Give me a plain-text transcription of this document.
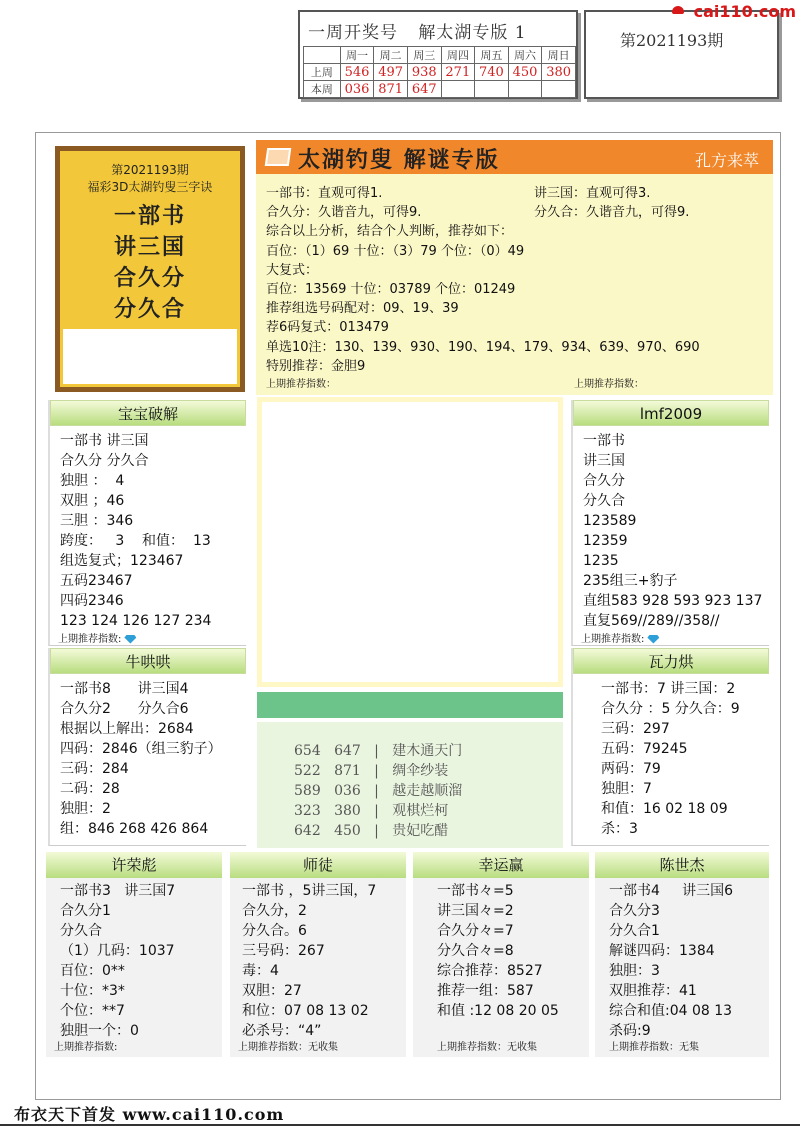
一周开奖号 解太湖专版 1
	周一	周二	周三	周四	周五	周六	周日
上周	546	497	938	271	740	450	380
本周	036	871	647				
第2021193期
cai110.com
第2021193期
福彩3D太湖钓叟三字诀
一部书
讲三国
合久分
分久合
太湖钓叟 解谜专版	孔方来萃
一部书：直观可得1.	讲三国：直观可得3.
合久分：久谐音九，可得9.	分久合：久谐音九，可得9.
综合以上分析，结合个人判断，推荐如下：
百位：（1）69 十位：（3）79 个位：（0）49
大复式：
百位：13569 十位：03789 个位：01249
推荐组选号码配对：09、19、39
荐6码复式：013479
单选10注：130、139、930、190、194、179、934、639、970、690
特别推荐：金胆9
上期推荐指数：	上期推荐指数：
宝宝破解
一部书 讲三国
合久分 分久合
独胆 ：  4
双胆 ；46
三胆 ：346
跨度：   3    和值：  13
组选复式；123467
五码23467
四码2346
123 124 126 127 234
上期推荐指数:
lmf2009
一部书
讲三国
合久分
分久合
123589
12359
1235
235组三+豹子
直组583 928 593 923 137
直复569//289//358//
上期推荐指数:
654 647   |   建木通天门
522 871   |   绸伞纱装
589 036   |   越走越顺溜
323 380   |   观棋烂柯
642 450   |   贵妃吃醋
牛哄哄
一部书8      讲三国4
合久分2      分久合6
根据以上解出：2684
四码：2846（组三豹子）
三码：284
二码：28
独胆：2
组：846 268 426 864
瓦力烘
一部书：7 讲三国：2
合久分 ：5 分久合：9
三码：297
五码：79245
两码：79
独胆：7
和值：16 02 18 09
杀：3
许荣彪
一部书3   讲三国7
合久分1
分久合
（1）几码：1037
百位：0**
十位：*3*
个位：**7
独胆一个：0
上期推荐指数:
师徒
一部书 ，5讲三国，7
合久分，2
分久合。6
三号码：267
毒：4
双胆：27
和位：07 08 13 02
必杀号：“4”
上期推荐指数：无收集
幸运赢
一部书々=5
讲三国々=2
合久分々=7
分久合々=8
综合推荐：8527
推荐一组：587
和值 :12 08 20 05

上期推荐指数：无收集
陈世杰
一部书4     讲三国6
合久分3
分久合1
解谜四码：1384
独胆：3
双胆推荐：41
综合和值:04 08 13
杀码:9
上期推荐指数：无集
布衣天下首发 www.cai110.com
